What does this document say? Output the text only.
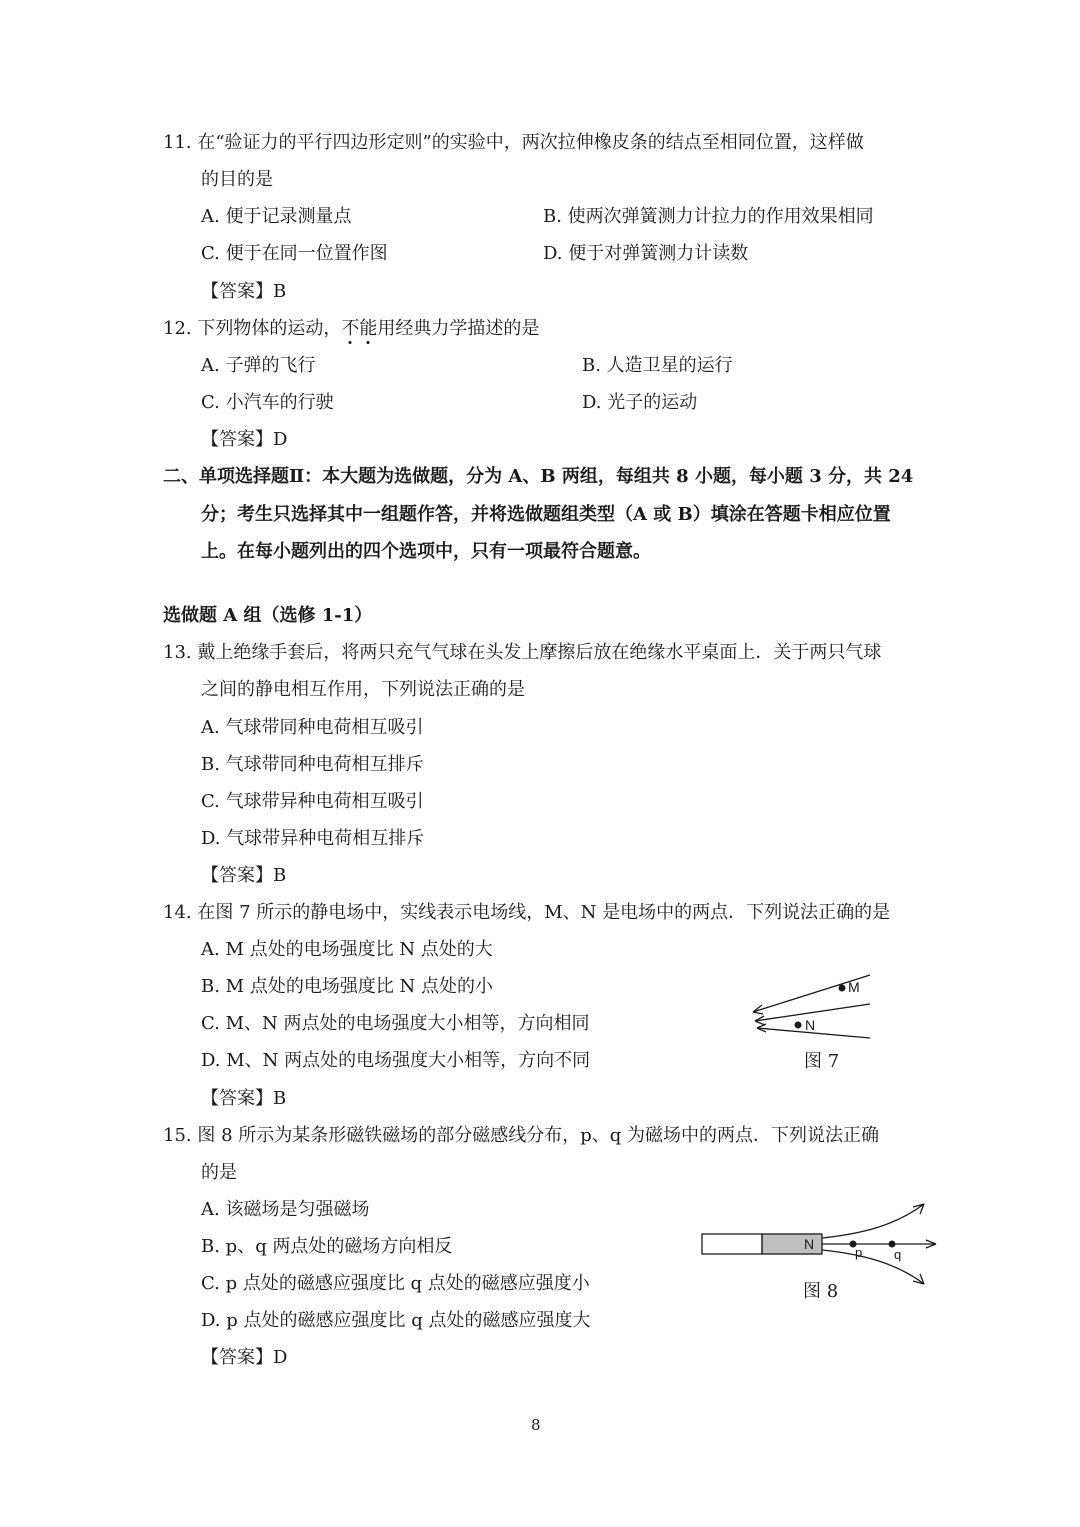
11. 在“验证力的平行四边形定则”的实验中，两次拉伸橡皮条的结点至相同位置，这样做
的目的是
A. 便于记录测量点	B. 使两次弹簧测力计拉力的作用效果相同
C. 便于在同一位置作图	D. 便于对弹簧测力计读数
【答案】B
12. 下列物体的运动，不能用经典力学描述的是
A. 子弹的飞行	B. 人造卫星的运行
C. 小汽车的行驶	D. 光子的运动
【答案】D
二、单项选择题Ⅱ：本大题为选做题，分为 A、B 两组，每组共 8 小题，每小题 3 分，共 24
分；考生只选择其中一组题作答，并将选做题组类型（A 或 B）填涂在答题卡相应位置
上。在每小题列出的四个选项中，只有一项最符合题意。
选做题 A 组（选修 1-1）
13. 戴上绝缘手套后，将两只充气气球在头发上摩擦后放在绝缘水平桌面上．关于两只气球
之间的静电相互作用，下列说法正确的是
A. 气球带同种电荷相互吸引
B. 气球带同种电荷相互排斥
C. 气球带异种电荷相互吸引
D. 气球带异种电荷相互排斥
【答案】B
14. 在图 7 所示的静电场中，实线表示电场线，M、N 是电场中的两点．下列说法正确的是
A. M 点处的电场强度比 N 点处的大
B. M 点处的电场强度比 N 点处的小
C. M、N 两点处的电场强度大小相等，方向相同
D. M、N 两点处的电场强度大小相等，方向不同
【答案】B
M
N
图 7
15. 图 8 所示为某条形磁铁磁场的部分磁感线分布，p、q 为磁场中的两点．下列说法正确
的是
A. 该磁场是匀强磁场
B. p、q 两点处的磁场方向相反
C. p 点处的磁感应强度比 q 点处的磁感应强度小
D. p 点处的磁感应强度比 q 点处的磁感应强度大
【答案】D
N
p q
图 8
8
